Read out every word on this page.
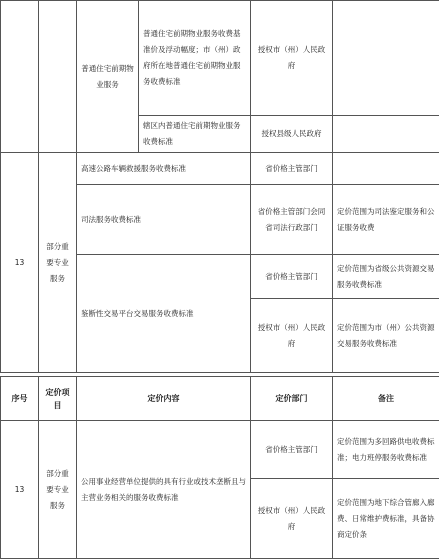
		普通住宅前期物业服务	普通住宅前期物业服务收费基准价及浮动幅度；市（州）政府所在地普通住宅前期物业服务收费标准	授权市（州）人民政府	
			辖区内普通住宅前期物业服务收费标准	授权县级人民政府	
13	部分重要专业服务	高速公路车辆救援服务收费标准		省价格主管部门	
		司法服务收费标准		省价格主管部门会同省司法行政部门	定价范围为司法鉴定服务和公证服务收费
		鉴断性交易平台交易服务收费标准		省价格主管部门	定价范围为省级公共资源交易服务收费标准
				授权市（州）人民政府	定价范围为市（州）公共资源交易服务收费标准
序号	定价项目	定价内容	定价部门	备注
13	部分重要专业服务	公用事业经营单位提供的具有行业或技术垄断且与主营业务相关的服务收费标准	省价格主管部门	定价范围为多回路供电收费标准；电力班停服务收费标准
			授权市（州）人民政府	定价范围为地下综合管廊入廊费、日常维护费标准，具备协商定价条
